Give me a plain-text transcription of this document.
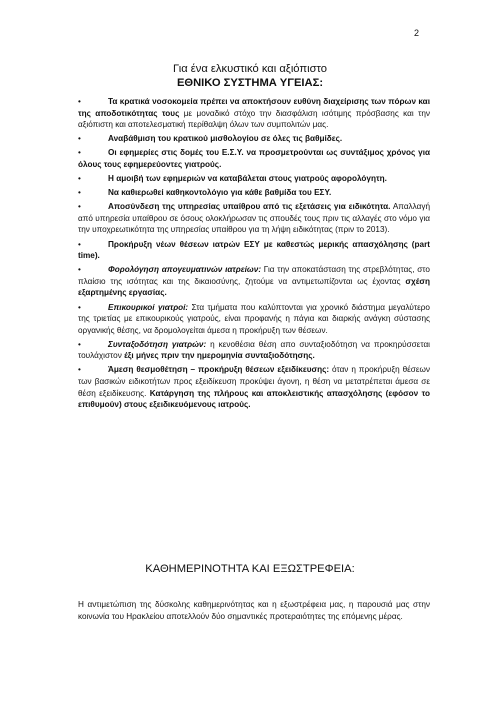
2
Για ένα ελκυστικό και αξιόπιστο
ΕΘΝΙΚΟ ΣΥΣΤΗΜΑ ΥΓΕΙΑΣ:
•	Τα κρατικά νοσοκομεία πρέπει να αποκτήσουν ευθύνη διαχείρισης των πόρων και της αποδοτικότητας τους με μοναδικό στόχο την διασφάλιση ισότιμης πρόσβασης και την αξιόπιστη και αποτελεσματική περίθαλψη όλων των συμπολιτών μας.
•	Αναβάθμιση του κρατικού μισθολογίου σε όλες τις βαθμίδες.
•	Οι εφημερίες στις δομές του Ε.Σ.Υ. να προσμετρούνται ως συντάξιμος χρόνος για όλους τους εφημερεύοντες γιατρούς.
•	Η αμοιβή των εφημεριών να καταβάλεται στους γιατρούς αφορολόγητη.
•	Να καθιερωθεί καθηκοντολόγιο για κάθε βαθμίδα του ΕΣΥ.
•	Αποσύνδεση της υπηρεσίας υπαίθρου από τις εξετάσεις για ειδικότητα. Απαλλαγή από υπηρεσία υπαίθρου σε όσους ολοκλήρωσαν τις σπουδές τους πριν τις αλλαγές στο νόμο για την υποχρεωτικότητα της υπηρεσίας υπαίθρου για τη λήψη ειδικότητας (πριν το 2013).
•	Προκήρυξη νέων θέσεων ιατρών ΕΣΥ με καθεστώς μερικής απασχόλησης (part time).
•	Φορολόγηση απογευματινών ιατρείων: Για την αποκατάσταση της στρεβλότητας, στο πλαίσιο της ισότητας και της δικαιοσύνης, ζητούμε να αντιμετωπίζονται ως έχοντας σχέση εξαρτημένης εργασίας.
•	Επικουρικοί γιατροί: Στα τμήματα που καλύπτονται για χρονικό διάστημα μεγαλύτερο της τριετίας με επικουρικούς γιατρούς, είναι προφανής η πάγια και διαρκής ανάγκη σύστασης οργανικής θέσης, να δρομολογείται άμεσα η προκήρυξη των θέσεων.
•	Συνταξοδότηση γιατρών: η κενοθέσια θέση απο συνταξιοδότηση να προκηρύσσεται τουλάχιστον έξι μήνες πριν την ημερομηνία συνταξιοδότησης.
•	Άμεση θεσμοθέτηση – προκήρυξη θέσεων εξειδίκευσης: όταν η προκήρυξη θέσεων των βασικών ειδικοτήτων προς εξειδίκευση προκύψει άγονη, η θέση να μετατρέπεται άμεσα σε θέση εξειδίκευσης. Κατάργηση της πλήρους και αποκλειστικής απασχόλησης (εφόσον το επιθυμούν) στους εξειδικευόμενους ιατρούς.
ΚΑΘΗΜΕΡΙΝΟΤΗΤΑ ΚΑΙ ΕΞΩΣΤΡΕΦΕΙΑ:
Η αντιμετώπιση της δύσκολης καθημερινότητας και η εξωστρέφεια μας, η παρουσιά μας στην κοινωνία του Ηρακλείου αποτελλούν δύο σημαντικές προτεραιότητες της επόμενης μέρας.
